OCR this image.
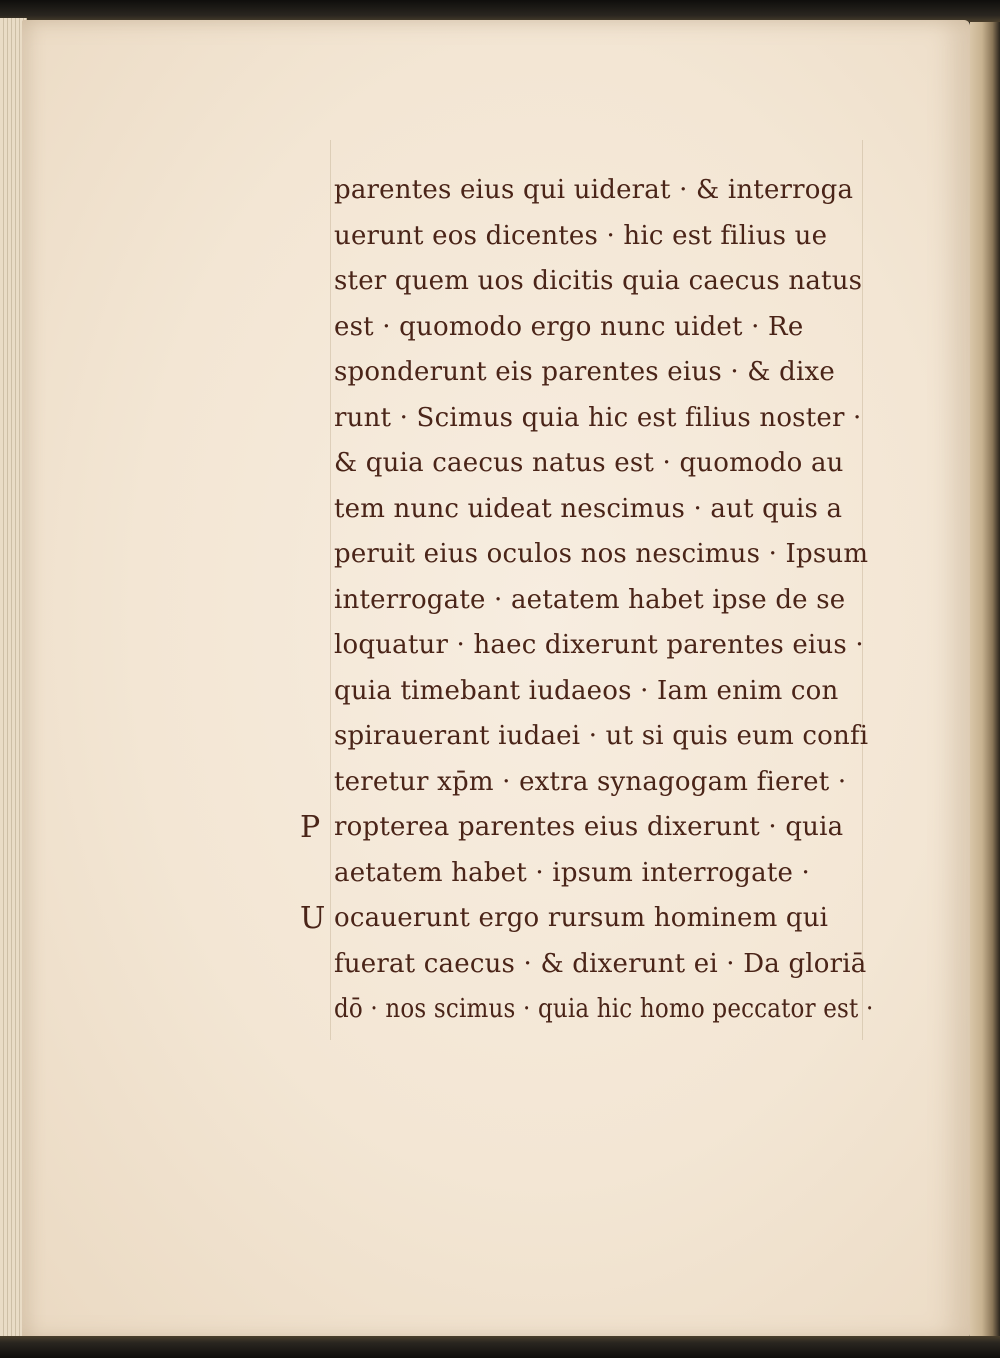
parentes eius qui uiderat · & interroga
uerunt eos dicentes · hic est filius ue
ster quem uos dicitis quia caecus natus
est · quomodo ergo nunc uidet · Re
sponderunt eis parentes eius · & dixe
runt · Scimus quia hic est filius noster ·
& quia caecus natus est · quomodo au
tem nunc uideat nescimus · aut quis a
peruit eius oculos nos nescimus · Ipsum
interrogate · aetatem habet ipse de se
loquatur · haec dixerunt parentes eius ·
quia timebant iudaeos · Iam enim con
spirauerant iudaei · ut si quis eum confi
teretur xp̄m · extra synagogam fieret ·
P ropterea parentes eius dixerunt · quia
aetatem habet · ipsum interrogate ·
U ocauerunt ergo rursum hominem qui
fuerat caecus · & dixerunt ei · Da gloriā
dō · nos scimus · quia hic homo peccator est ·
